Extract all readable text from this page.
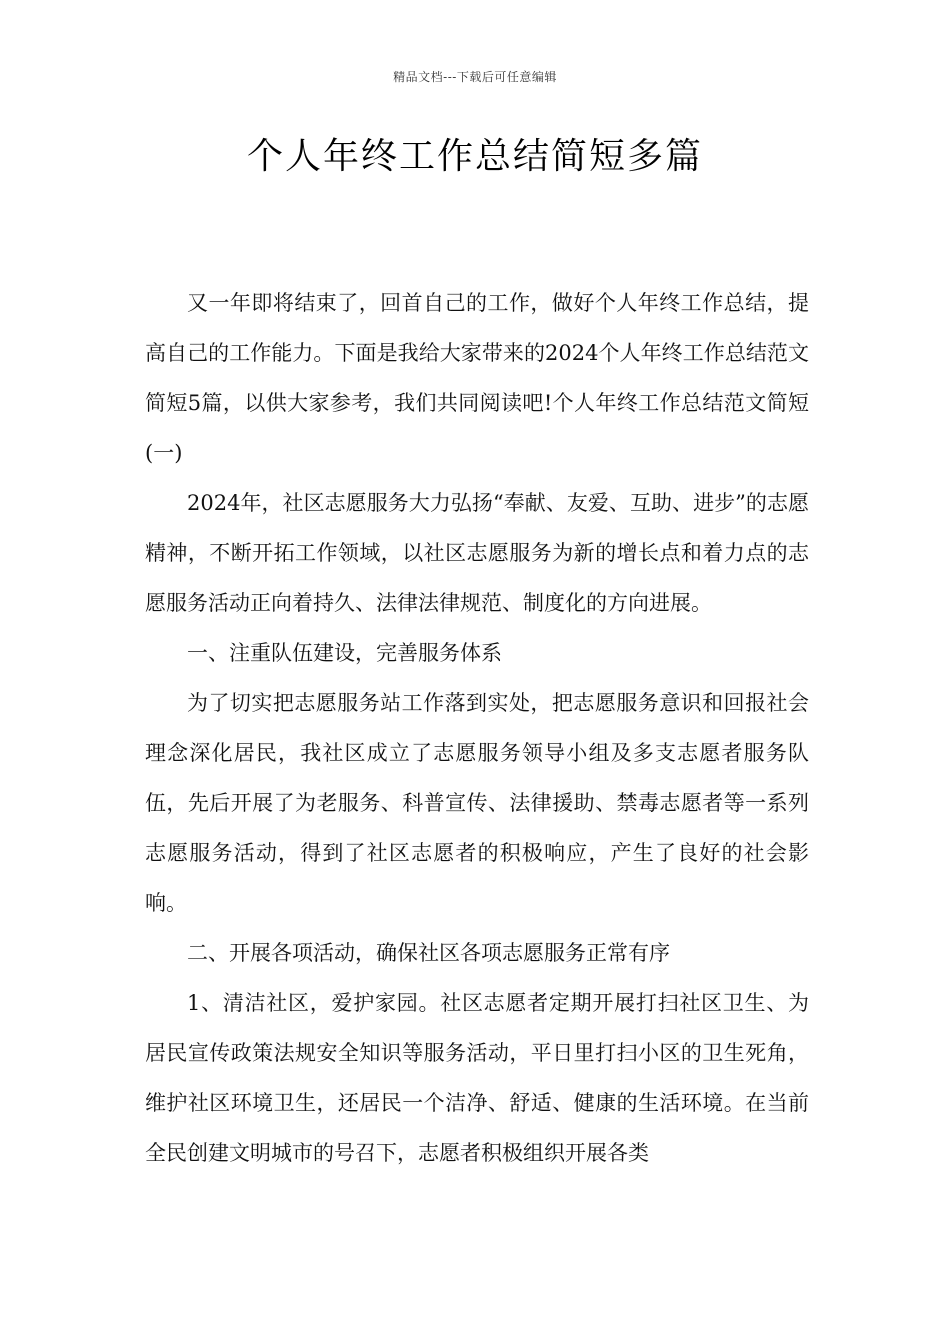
精品文档---下载后可任意编辑
个人年终工作总结简短多篇

又一年即将结束了，回首自己的工作，做好个人年终工作总结，提高自己的工作能力。下面是我给大家带来的2024个人年终工作总结范文简短5篇，以供大家参考，我们共同阅读吧!个人年终工作总结范文简短(一)

2024年，社区志愿服务大力弘扬“奉献、友爱、互助、进步”的志愿精神，不断开拓工作领域，以社区志愿服务为新的增长点和着力点的志愿服务活动正向着持久、法律法律规范、制度化的方向进展。

一、注重队伍建设，完善服务体系

为了切实把志愿服务站工作落到实处，把志愿服务意识和回报社会理念深化居民，我社区成立了志愿服务领导小组及多支志愿者服务队伍，先后开展了为老服务、科普宣传、法律援助、禁毒志愿者等一系列志愿服务活动，得到了社区志愿者的积极响应，产生了良好的社会影响。

二、开展各项活动，确保社区各项志愿服务正常有序

1、清洁社区，爱护家园。社区志愿者定期开展打扫社区卫生、为居民宣传政策法规安全知识等服务活动，平日里打扫小区的卫生死角，维护社区环境卫生，还居民一个洁净、舒适、健康的生活环境。在当前全民创建文明城市的号召下，志愿者积极组织开展各类
